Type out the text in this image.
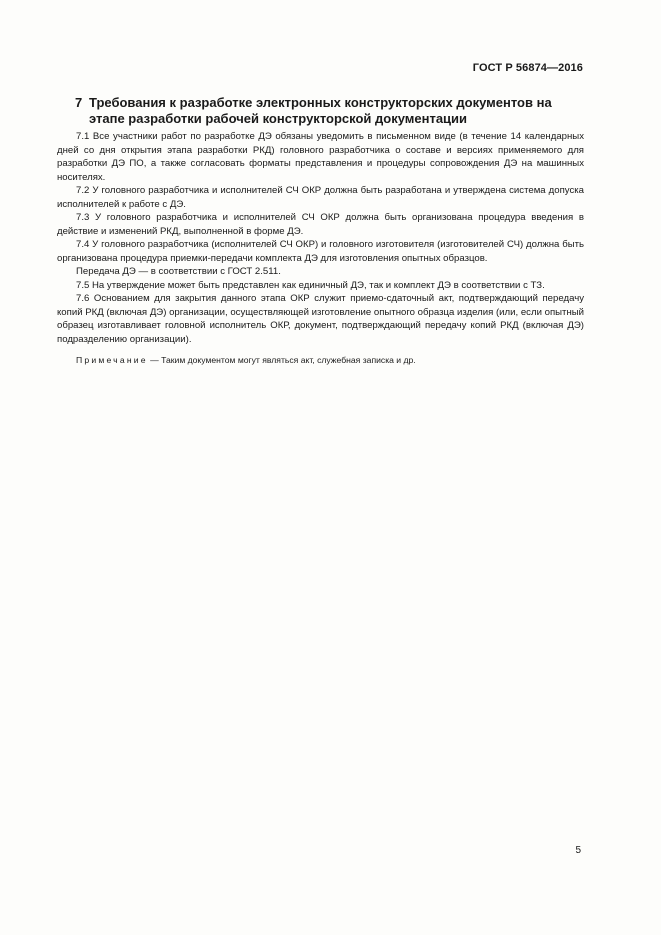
ГОСТ Р 56874—2016
7 Требования к разработке электронных конструкторских документов на этапе разработки рабочей конструкторской документации

7.1 Все участники работ по разработке ДЭ обязаны уведомить в письменном виде (в течение 14 календарных дней со дня открытия этапа разработки РКД) головного разработчика о составе и версиях применяемого для разработки ДЭ ПО, а также согласовать форматы представления и процедуры сопровождения ДЭ на машинных носителях.

7.2 У головного разработчика и исполнителей СЧ ОКР должна быть разработана и утверждена система допуска исполнителей к работе с ДЭ.

7.3 У головного разработчика и исполнителей СЧ ОКР должна быть организована процедура введения в действие и изменений РКД, выполненной в форме ДЭ.

7.4 У головного разработчика (исполнителей СЧ ОКР) и головного изготовителя (изготовителей СЧ) должна быть организована процедура приемки-передачи комплекта ДЭ для изготовления опытных образцов.

Передача ДЭ — в соответствии с ГОСТ 2.511.

7.5 На утверждение может быть представлен как единичный ДЭ, так и комплект ДЭ в соответствии с ТЗ.

7.6 Основанием для закрытия данного этапа ОКР служит приемо-сдаточный акт, подтверждающий передачу копий РКД (включая ДЭ) организации, осуществляющей изготовление опытного образца изделия (или, если опытный образец изготавливает головной исполнитель ОКР, документ, подтверждающий передачу копий РКД (включая ДЭ) подразделению организации).

Примечание — Таким документом могут являться акт, служебная записка и др.

5
